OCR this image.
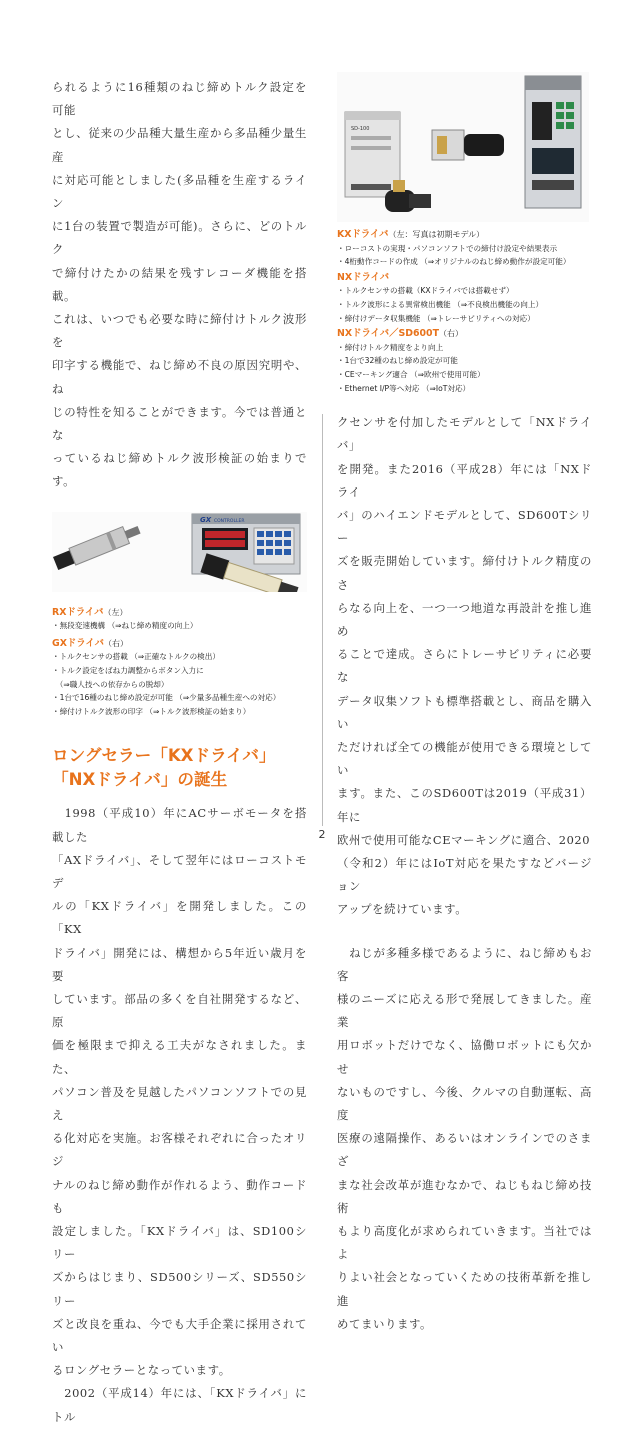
られるように16種類のねじ締めトルク設定を可能

とし、従来の少品種大量生産から多品種少量生産

に対応可能としました(多品種を生産するライン

に1台の装置で製造が可能)。さらに、どのトルク

で締付けたかの結果を残すレコーダ機能を搭載。

これは、いつでも必要な時に締付けトルク波形を

印字する機能で、ねじ締め不良の原因究明や、ね

じの特性を知ることができます。今では普通とな

っているねじ締めトルク波形検証の始まりです。

GX CONTROLLER
RXドライバ（左）
・無段変速機構 （⇒ねじ締め精度の向上）
GXドライバ（右）
・トルクセンサの搭載 （⇒正確なトルクの検出）
・トルク設定をばね力調整からボタン入力に
　（⇒職人技への依存からの脱却）
・1台で16種のねじ締め設定が可能 （⇒少量多品種生産への対応）
・締付けトルク波形の印字 （⇒トルク波形検証の始まり）
ロングセラー「KXドライバ」
「NXドライバ」の誕生

　1998（平成10）年にACサーボモータを搭載した

「AXドライバ」、そして翌年にはローコストモデ

ルの「KXドライバ」を開発しました。この「KX

ドライバ」開発には、構想から5年近い歳月を要

しています。部品の多くを自社開発するなど、原

価を極限まで抑える工夫がなされました。また、

パソコン普及を見越したパソコンソフトでの見え

る化対応を実施。お客様それぞれに合ったオリジ

ナルのねじ締め動作が作れるよう、動作コードも

設定しました。「KXドライバ」は、SD100シリー

ズからはじまり、SD500シリーズ、SD550シリー

ズと改良を重ね、今でも大手企業に採用されてい

るロングセラーとなっています。

　2002（平成14）年には、「KXドライバ」にトル

SD-100
KXドライバ（左：写真は初期モデル）
・ローコストの実現・パソコンソフトでの締付け設定や結果表示
・4桁動作コードの作成 （⇒オリジナルのねじ締め動作が設定可能）
NXドライバ
・トルクセンサの搭載（KXドライバでは搭載せず）
・トルク波形による異常検出機能 （⇒不良検出機能の向上）
・締付けデータ収集機能 （⇒トレーサビリティへの対応）
NXドライバ／SD600T（右）
・締付けトルク精度をより向上
・1台で32種のねじ締め設定が可能
・CEマーキング適合 （⇒欧州で使用可能）
・Ethernet I/P等へ対応 （⇒IoT対応）

クセンサを付加したモデルとして「NXドライバ」

を開発。また2016（平成28）年には「NXドライ

バ」のハイエンドモデルとして、SD600Tシリー

ズを販売開始しています。締付けトルク精度のさ

らなる向上を、一つ一つ地道な再設計を推し進め

ることで達成。さらにトレーサビリティに必要な

データ収集ソフトも標準搭載とし、商品を購入い

ただければ全ての機能が使用できる環境としてい

ます。また、このSD600Tは2019（平成31）年に

欧州で使用可能なCEマーキングに適合、2020

（令和2）年にはIoT対応を果たすなどバージョン

アップを続けています。

　ねじが多種多様であるように、ねじ締めもお客

様のニーズに応える形で発展してきました。産業

用ロボットだけでなく、協働ロボットにも欠かせ

ないものですし、今後、クルマの自動運転、高度

医療の遠隔操作、あるいはオンラインでのさまざ

まな社会改革が進むなかで、ねじもねじ締め技術

もより高度化が求められていきます。当社ではよ

りよい社会となっていくための技術革新を推し進

めてまいります。

2
